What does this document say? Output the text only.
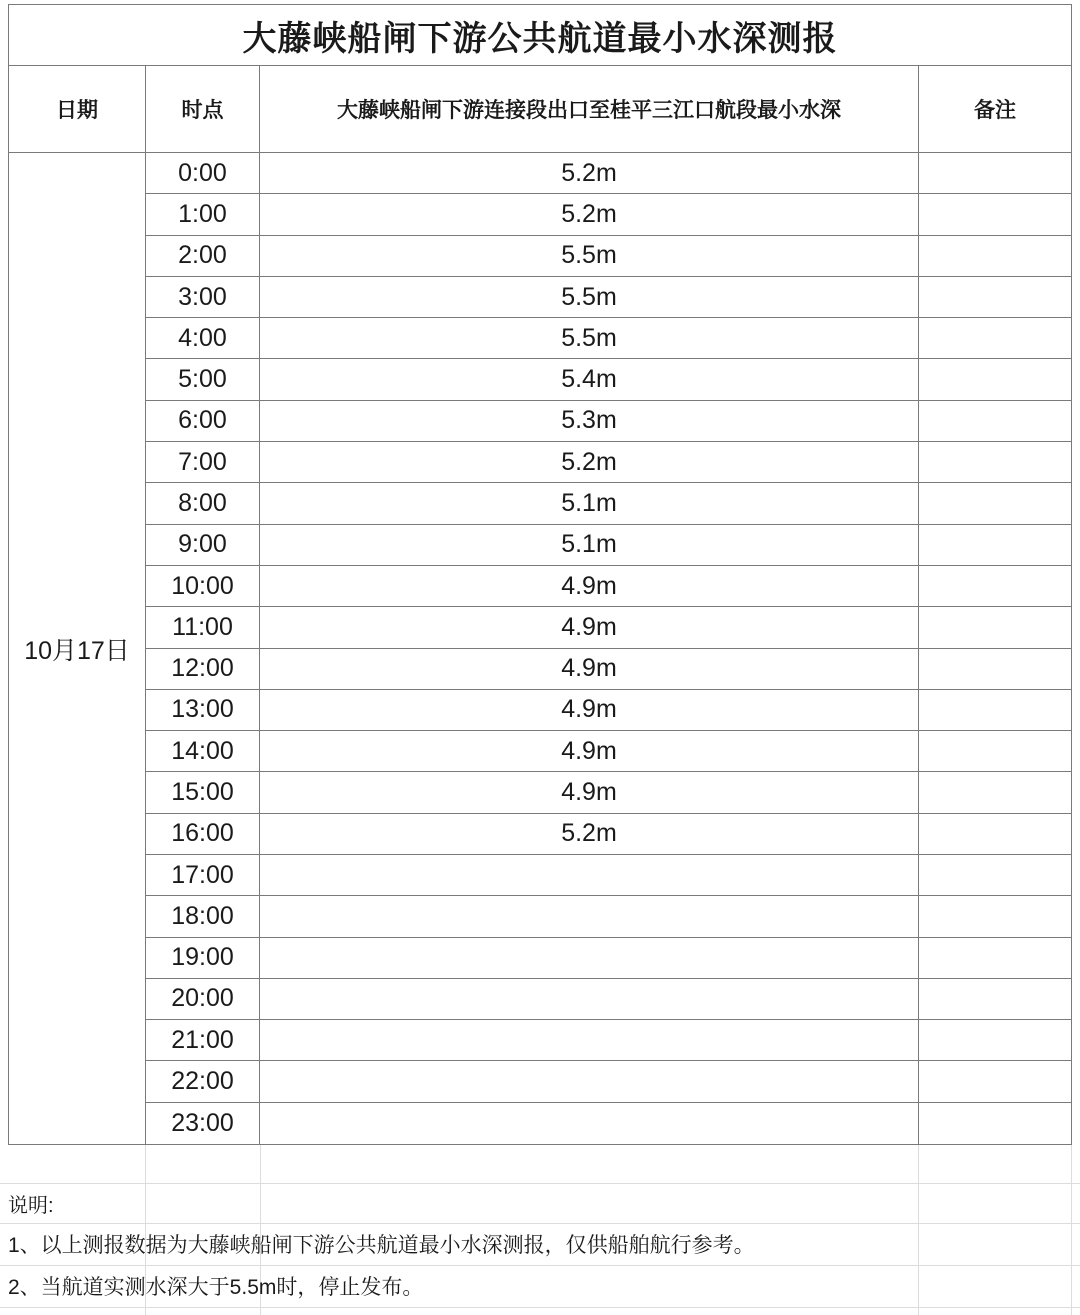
大藤峡船闸下游公共航道最小水深测报
日期	时点	大藤峡船闸下游连接段出口至桂平三江口航段最小水深	备注
10月17日
0:00	5.2m
1:00	5.2m
2:00	5.5m
3:00	5.5m
4:00	5.5m
5:00	5.4m
6:00	5.3m
7:00	5.2m
8:00	5.1m
9:00	5.1m
10:00	4.9m
11:00	4.9m
12:00	4.9m
13:00	4.9m
14:00	4.9m
15:00	4.9m
16:00	5.2m
17:00
18:00
19:00
20:00
21:00
22:00
23:00
说明:
1、以上测报数据为大藤峡船闸下游公共航道最小水深测报，仅供船舶航行参考。
2、当航道实测水深大于5.5m时，停止发布。
